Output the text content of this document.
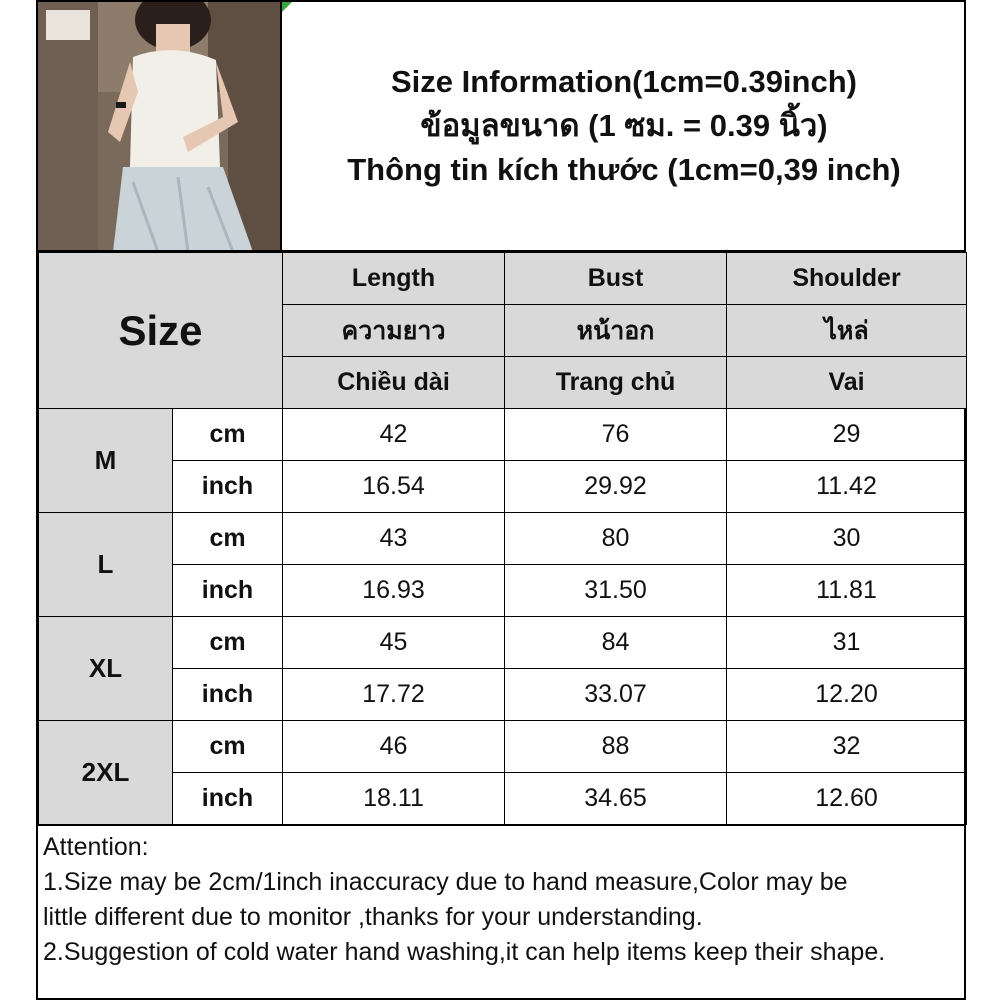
Size Information(1cm=0.39inch)
ข้อมูลขนาด (1 ซม. = 0.39 นิ้ว)
Thông tin kích thước (1cm=0,39 inch)
Size		Length	Bust	Shoulder
		ความยาว	หน้าอก	ไหล่
		Chiều dài	Trang chủ	Vai
M	cm	42	76	29
	inch	16.54	29.92	11.42
L	cm	43	80	30
	inch	16.93	31.50	11.81
XL	cm	45	84	31
	inch	17.72	33.07	12.20
2XL	cm	46	88	32
	inch	18.11	34.65	12.60
Attention:
1.Size may be 2cm/1inch inaccuracy due to hand measure,Color may be
little different due to monitor ,thanks for your understanding.
2.Suggestion of cold water hand washing,it can help items keep their shape.
